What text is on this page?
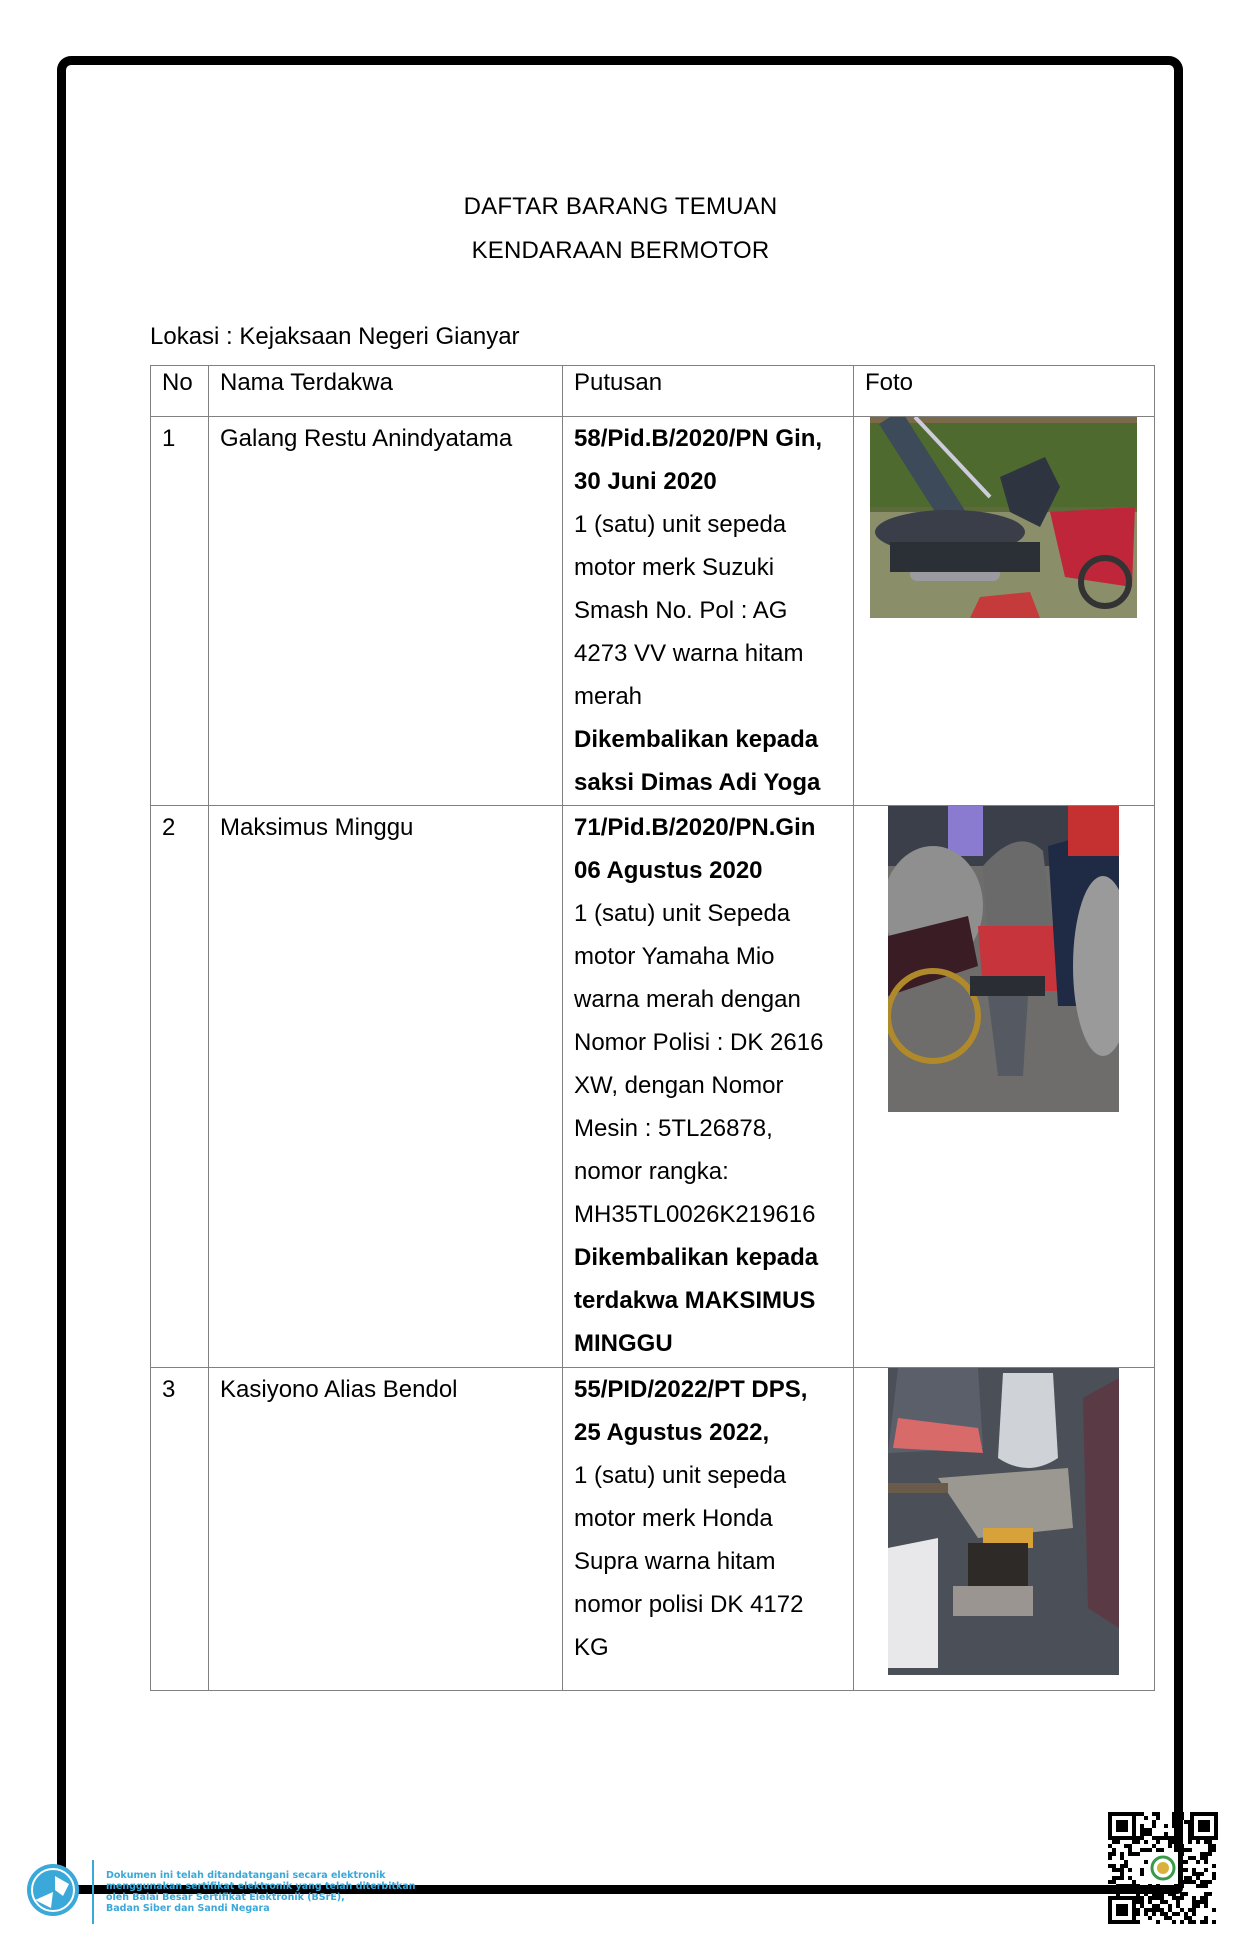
DAFTAR BARANG TEMUAN
KENDARAAN BERMOTOR
Lokasi : Kejaksaan Negeri Gianyar
No	Nama Terdakwa	Putusan	Foto

1	Galang Restu Anindyatama	58/Pid.B/2020/PN Gin,
30 Juni 2020
1 (satu) unit sepeda motor merk Suzuki Smash No. Pol : AG 4273 VV warna hitam merah
Dikembalikan kepada saksi Dimas Adi Yoga

2	Maksimus Minggu	71/Pid.B/2020/PN.Gin
06 Agustus 2020
1 (satu) unit Sepeda motor Yamaha Mio warna merah dengan Nomor Polisi : DK 2616 XW, dengan Nomor Mesin : 5TL26878, nomor rangka: MH35TL0026K219616
Dikembalikan kepada terdakwa MAKSIMUS MINGGU

3	Kasiyono Alias Bendol	55/PID/2022/PT DPS,
25 Agustus 2022,
1 (satu) unit sepeda motor merk Honda Supra warna hitam nomor polisi DK 4172 KG

Dokumen ini telah ditandatangani secara elektronik
menggunakan sertifikat elektronik yang telah diterbitkan
oleh Balai Besar Sertifikat Elektronik (BSrE),
Badan Siber dan Sandi Negara
